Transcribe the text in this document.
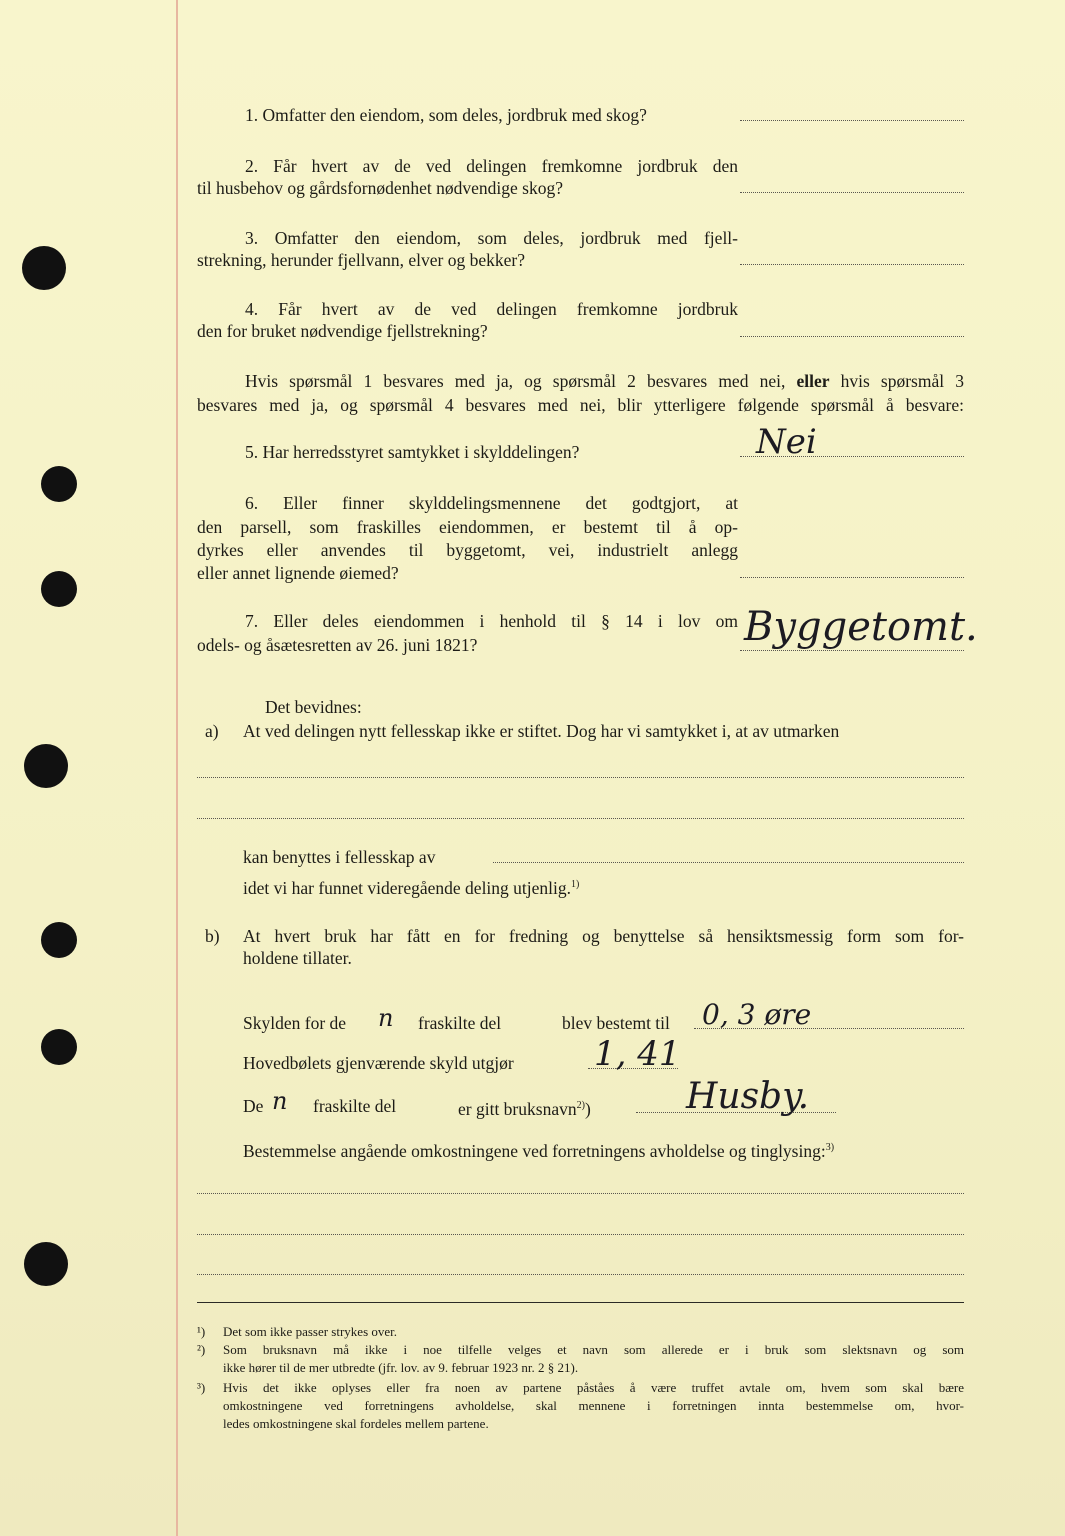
1. Omfatter den eiendom, som deles, jordbruk med skog?
2. Får hvert av de ved delingen fremkomne jordbruk den
til husbehov og gårdsfornødenhet nødvendige skog?
3. Omfatter den eiendom, som deles, jordbruk med fjell-
strekning, herunder fjellvann, elver og bekker?
4. Får hvert av de ved delingen fremkomne jordbruk
den for bruket nødvendige fjellstrekning?
Hvis spørsmål 1 besvares med ja, og spørsmål 2 besvares med nei, eller hvis spørsmål 3
besvares med ja, og spørsmål 4 besvares med nei, blir ytterligere følgende spørsmål å besvare:
5. Har herredsstyret samtykket i skylddelingen?	Nei
6. Eller finner skylddelingsmennene det godtgjort, at
den parsell, som fraskilles eiendommen, er bestemt til å op-
dyrkes eller anvendes til byggetomt, vei, industrielt anlegg
eller annet lignende øiemed?
7. Eller deles eiendommen i henhold til § 14 i lov om
odels- og åsætesretten av 26. juni 1821?	Byggetomt.
Det bevidnes:
a) At ved delingen nytt fellesskap ikke er stiftet. Dog har vi samtykket i, at av utmarken
kan benyttes i fellesskap av
idet vi har funnet videregående deling utjenlig.$^{1)}$
b) At hvert bruk har fått en for fredning og benyttelse så hensiktsmessig form som for-
holdene tillater.
Skylden for de n fraskilte del	blev bestemt til 0, 3 øre
Hovedbølets gjenværende skyld utgjør 1, 41
De n fraskilte del	er gitt bruksnavn$^{2)}$)	Husby.
Bestemmelse angående omkostningene ved forretningens avholdelse og tinglysing:$^{3)}$
¹) Det som ikke passer strykes over.
²) Som bruksnavn må ikke i noe tilfelle velges et navn som allerede er i bruk som slektsnavn og som
ikke hører til de mer utbredte (jfr. lov. av 9. februar 1923 nr. 2 § 21).
³) Hvis det ikke oplyses eller fra noen av partene påståes å være truffet avtale om, hvem som skal bære
omkostningene ved forretningens avholdelse, skal mennene i forretningen innta bestemmelse om, hvor-
ledes omkostningene skal fordeles mellem partene.
